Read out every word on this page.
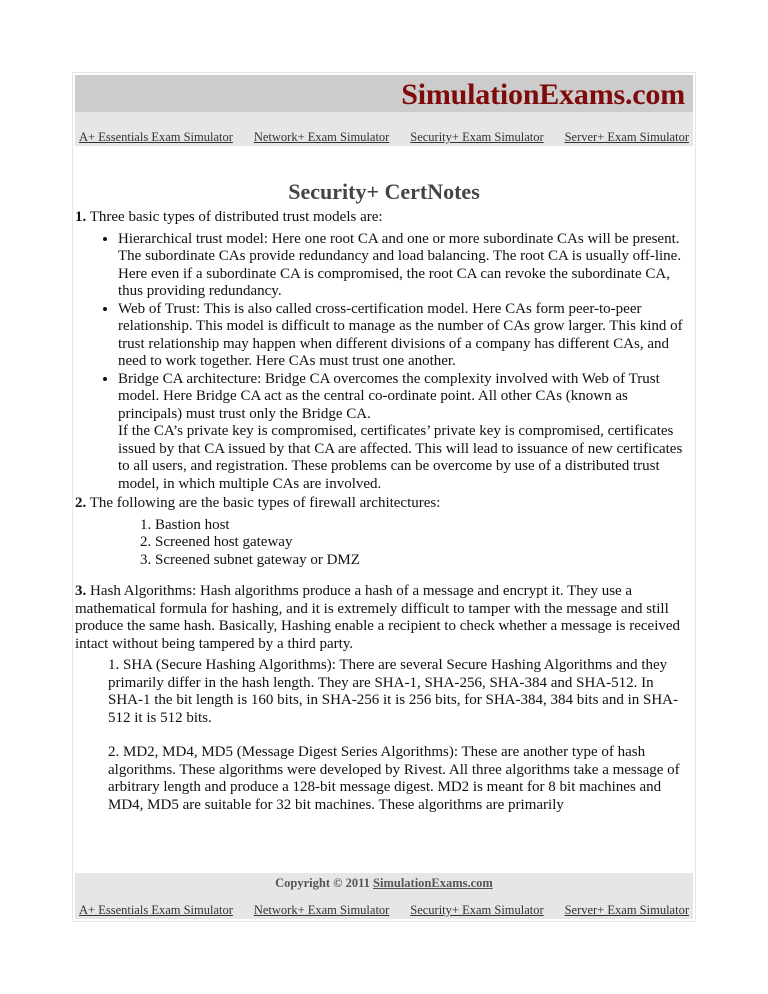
SimulationExams.com
A+ Essentials Exam Simulator Network+ Exam Simulator Security+ Exam Simulator Server+ Exam Simulator
Security+ CertNotes

1. Three basic types of distributed trust models are:

• Hierarchical trust model: Here one root CA and one or more subordinate CAs will be present. The subordinate CAs provide redundancy and load balancing. The root CA is usually off-line. Here even if a subordinate CA is compromised, the root CA can revoke the subordinate CA, thus providing redundancy.
• Web of Trust: This is also called cross-certification model. Here CAs form peer-to-peer relationship. This model is difficult to manage as the number of CAs grow larger. This kind of trust relationship may happen when different divisions of a company has different CAs, and need to work together. Here CAs must trust one another.
• Bridge CA architecture: Bridge CA overcomes the complexity involved with Web of Trust model. Here Bridge CA act as the central co-ordinate point. All other CAs (known as principals) must trust only the Bridge CA.
If the CA’s private key is compromised, certificates’ private key is compromised, certificates issued by that CA issued by that CA are affected. This will lead to issuance of new certificates to all users, and registration. These problems can be overcome by use of a distributed trust model, in which multiple CAs are involved.

2. The following are the basic types of firewall architectures:

1. Bastion host
2. Screened host gateway
3. Screened subnet gateway or DMZ

3. Hash Algorithms: Hash algorithms produce a hash of a message and encrypt it. They use a mathematical formula for hashing, and it is extremely difficult to tamper with the message and still produce the same hash. Basically, Hashing enable a recipient to check whether a message is received intact without being tampered by a third party.

1. SHA (Secure Hashing Algorithms): There are several Secure Hashing Algorithms and they primarily differ in the hash length. They are SHA-1, SHA-256, SHA-384 and SHA-512. In SHA-1 the bit length is 160 bits, in SHA-256 it is 256 bits, for SHA-384, 384 bits and in SHA-512 it is 512 bits.

2. MD2, MD4, MD5 (Message Digest Series Algorithms): These are another type of hash algorithms. These algorithms were developed by Rivest. All three algorithms take a message of arbitrary length and produce a 128-bit message digest. MD2 is meant for 8 bit machines and MD4, MD5 are suitable for 32 bit machines. These algorithms are primarily

Copyright © 2011 SimulationExams.com
A+ Essentials Exam Simulator Network+ Exam Simulator Security+ Exam Simulator Server+ Exam Simulator
